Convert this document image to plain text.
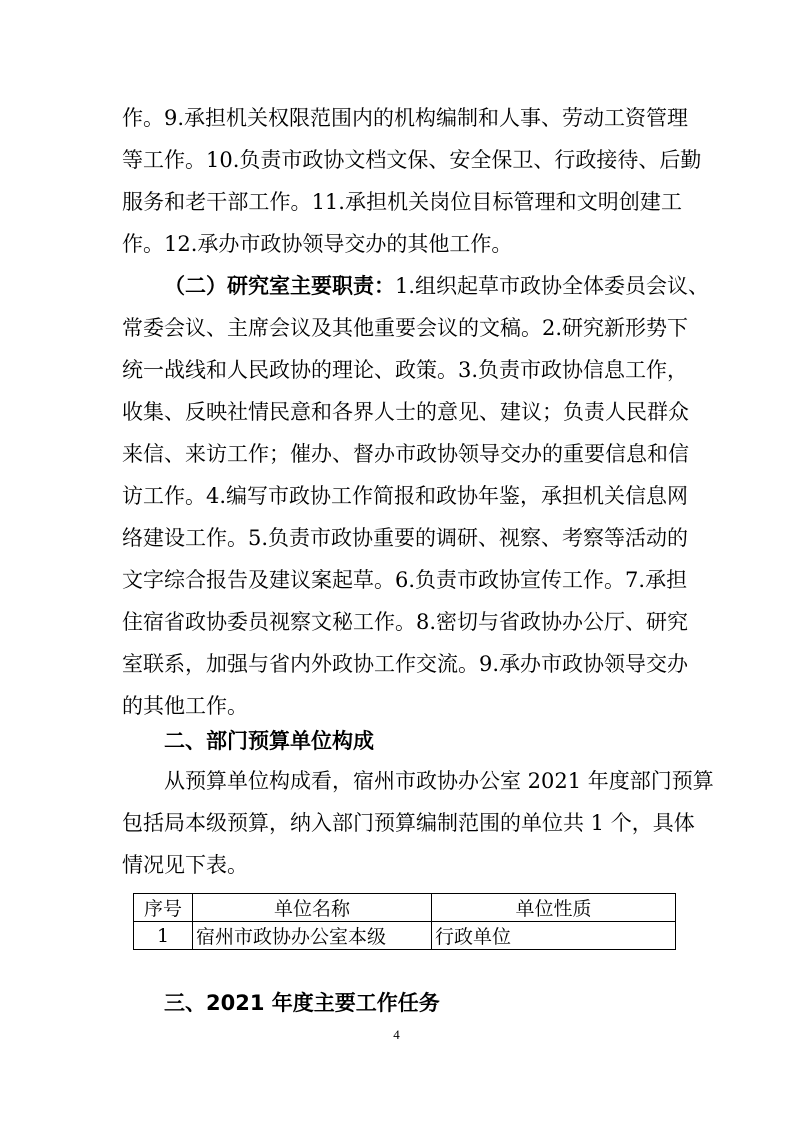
作。9.承担机关权限范围内的机构编制和人事、劳动工资管理
等工作。10.负责市政协文档文保、安全保卫、行政接待、后勤
服务和老干部工作。11.承担机关岗位目标管理和文明创建工
作。12.承办市政协领导交办的其他工作。
（二）研究室主要职责：1.组织起草市政协全体委员会议、
常委会议、主席会议及其他重要会议的文稿。2.研究新形势下
统一战线和人民政协的理论、政策。3.负责市政协信息工作，
收集、反映社情民意和各界人士的意见、建议；负责人民群众
来信、来访工作；催办、督办市政协领导交办的重要信息和信
访工作。4.编写市政协工作简报和政协年鉴，承担机关信息网
络建设工作。5.负责市政协重要的调研、视察、考察等活动的
文字综合报告及建议案起草。6.负责市政协宣传工作。7.承担
住宿省政协委员视察文秘工作。8.密切与省政协办公厅、研究
室联系，加强与省内外政协工作交流。9.承办市政协领导交办
的其他工作。
二、部门预算单位构成
从预算单位构成看，宿州市政协办公室 2021 年度部门预算
包括局本级预算，纳入部门预算编制范围的单位共 1 个，具体
情况见下表。
序号	单位名称	单位性质
1	宿州市政协办公室本级	行政单位
三、2021 年度主要工作任务
4
